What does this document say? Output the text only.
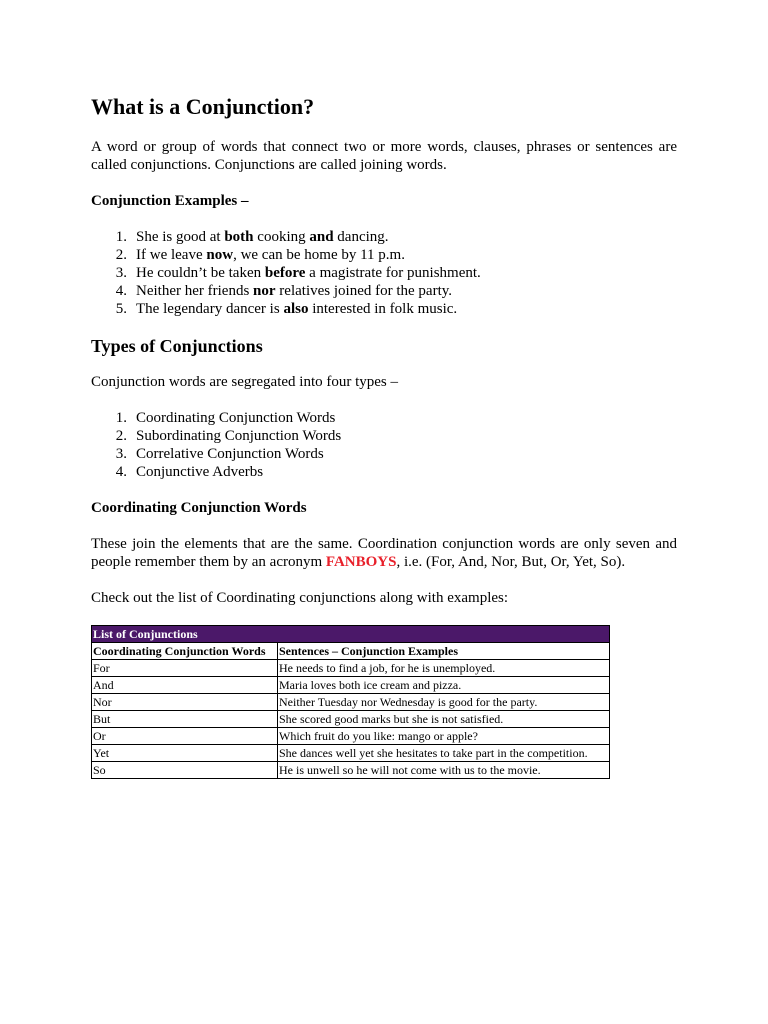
What is a Conjunction?

A word or group of words that connect two or more words, clauses, phrases or sentences are called conjunctions. Conjunctions are called joining words.

Conjunction Examples –

1 . She is good at both cooking and dancing.
2 . If we leave now, we can be home by 11 p.m.
3 . He couldn’t be taken before a magistrate for punishment.
4 . Neither her friends nor relatives joined for the party.
5 . The legendary dancer is also interested in folk music.
Types of Conjunctions

Conjunction words are segregated into four types –

1 . Coordinating Conjunction Words
2 . Subordinating Conjunction Words
3 . Correlative Conjunction Words
4 . Conjunctive Adverbs

Coordinating Conjunction Words

These join the elements that are the same. Coordination conjunction words are only seven and people remember them by an acronym FANBOYS, i.e. (For, And, Nor, But, Or, Yet, So).

Check out the list of Coordinating conjunctions along with examples:

List of Conjunctions	
Coordinating Conjunction Words	Sentences – Conjunction Examples
For	He needs to find a job, for he is unemployed.
And	Maria loves both ice cream and pizza.
Nor	Neither Tuesday nor Wednesday is good for the party.
But	She scored good marks but she is not satisfied.
Or	Which fruit do you like: mango or apple?
Yet	She dances well yet she hesitates to take part in the competition.
So	He is unwell so he will not come with us to the movie.
